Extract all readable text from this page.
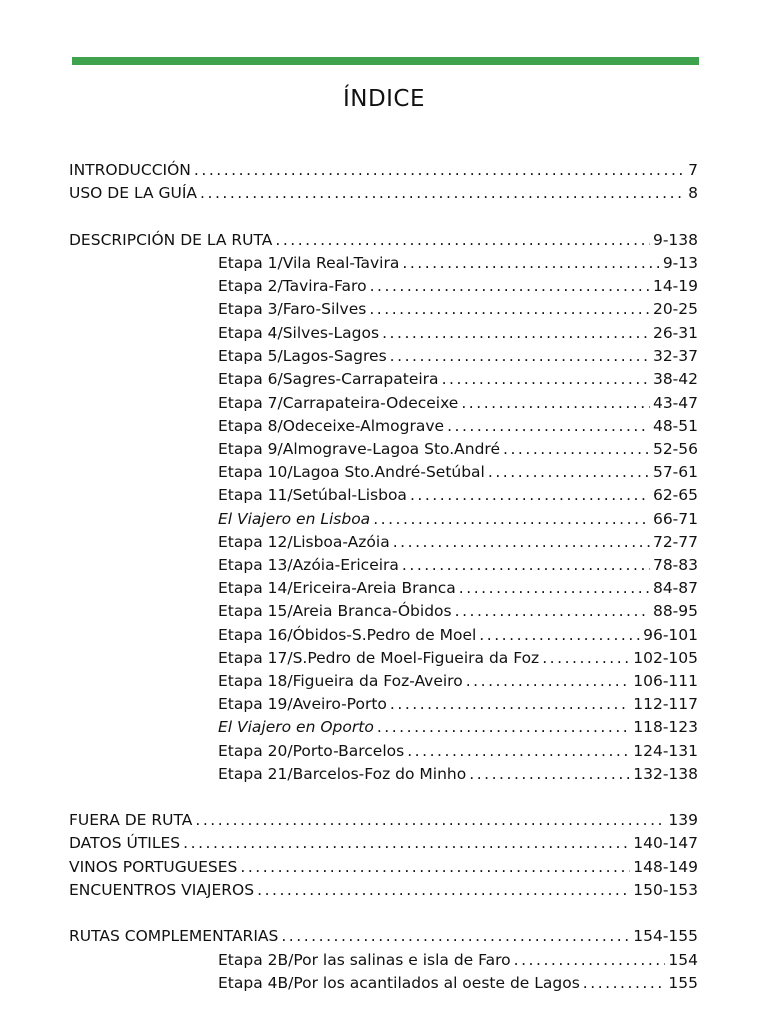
ÍNDICE
INTRODUCCIÓN . . .	7
USO DE LA GUÍA . . .	8
DESCRIPCIÓN DE LA RUTA . . .	9-138
Etapa 1/Vila Real-Tavira . . .	9-13
Etapa 2/Tavira-Faro . . .	14-19
Etapa 3/Faro-Silves . . .	20-25
Etapa 4/Silves-Lagos . . .	26-31
Etapa 5/Lagos-Sagres . . .	32-37
Etapa 6/Sagres-Carrapateira . . .	38-42
Etapa 7/Carrapateira-Odeceixe . . .	43-47
Etapa 8/Odeceixe-Almograve . . .	48-51
Etapa 9/Almograve-Lagoa Sto.André . . .	52-56
Etapa 10/Lagoa Sto.André-Setúbal . . .	57-61
Etapa 11/Setúbal-Lisboa . . .	62-65
El Viajero en Lisboa . . .	66-71
Etapa 12/Lisboa-Azóia . . .	72-77
Etapa 13/Azóia-Ericeira . . .	78-83
Etapa 14/Ericeira-Areia Branca . . .	84-87
Etapa 15/Areia Branca-Óbidos . . .	88-95
Etapa 16/Óbidos-S.Pedro de Moel . . .	96-101
Etapa 17/S.Pedro de Moel-Figueira da Foz . . .	102-105
Etapa 18/Figueira da Foz-Aveiro . . .	106-111
Etapa 19/Aveiro-Porto . . .	112-117
El Viajero en Oporto . . .	118-123
Etapa 20/Porto-Barcelos . . .	124-131
Etapa 21/Barcelos-Foz do Minho . . .	132-138
FUERA DE RUTA . . .	139
DATOS ÚTILES . . .	140-147
VINOS PORTUGUESES . . .	148-149
ENCUENTROS VIAJEROS . . .	150-153
RUTAS COMPLEMENTARIAS . . .	154-155
Etapa 2B/Por las salinas e isla de Faro . . .	154
Etapa 4B/Por los acantilados al oeste de Lagos . . .	155
